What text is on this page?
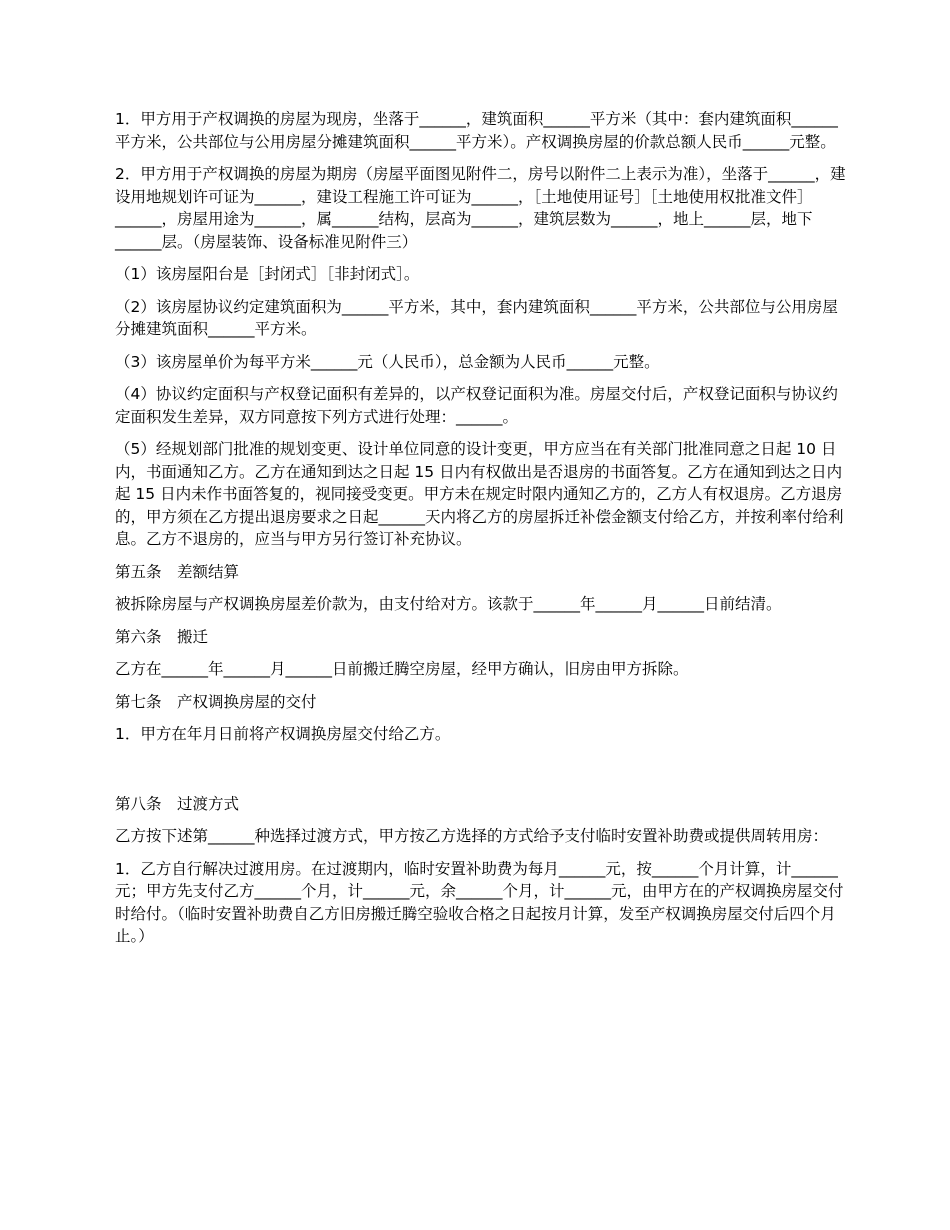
1．甲方用于产权调换的房屋为现房，坐落于______，建筑面积______平方米（其中：套内建筑面积______平方米，公共部位与公用房屋分摊建筑面积______平方米）。产权调换房屋的价款总额人民币______元整。

2．甲方用于产权调换的房屋为期房（房屋平面图见附件二，房号以附件二上表示为准），坐落于______，建设用地规划许可证为______，建设工程施工许可证为______，［土地使用证号］［土地使用权批准文件］______，房屋用途为______，属______结构，层高为______，建筑层数为______，地上______层，地下______层。（房屋装饰、设备标准见附件三）

（1）该房屋阳台是［封闭式］［非封闭式］。

（2）该房屋协议约定建筑面积为______平方米，其中，套内建筑面积______平方米，公共部位与公用房屋分摊建筑面积______平方米。

（3）该房屋单价为每平方米______元（人民币），总金额为人民币______元整。

（4）协议约定面积与产权登记面积有差异的，以产权登记面积为准。房屋交付后，产权登记面积与协议约定面积发生差异，双方同意按下列方式进行处理：______。

（5）经规划部门批准的规划变更、设计单位同意的设计变更，甲方应当在有关部门批准同意之日起 10 日内，书面通知乙方。乙方在通知到达之日起 15 日内有权做出是否退房的书面答复。乙方在通知到达之日内起 15 日内未作书面答复的，视同接受变更。甲方未在规定时限内通知乙方的，乙方人有权退房。乙方退房的，甲方须在乙方提出退房要求之日起______天内将乙方的房屋拆迁补偿金额支付给乙方，并按利率付给利息。乙方不退房的，应当与甲方另行签订补充协议。

第五条　差额结算

被拆除房屋与产权调换房屋差价款为，由支付给对方。该款于______年______月______日前结清。

第六条　搬迁

乙方在______年______月______日前搬迁腾空房屋，经甲方确认，旧房由甲方拆除。

第七条　产权调换房屋的交付

1．甲方在年月日前将产权调换房屋交付给乙方。

第八条　过渡方式

乙方按下述第______种选择过渡方式，甲方按乙方选择的方式给予支付临时安置补助费或提供周转用房：

1．乙方自行解决过渡用房。在过渡期内，临时安置补助费为每月______元，按______个月计算，计______元；甲方先支付乙方______个月，计______元，余______个月，计______元，由甲方在的产权调换房屋交付时给付。（临时安置补助费自乙方旧房搬迁腾空验收合格之日起按月计算，发至产权调换房屋交付后四个月止。）
